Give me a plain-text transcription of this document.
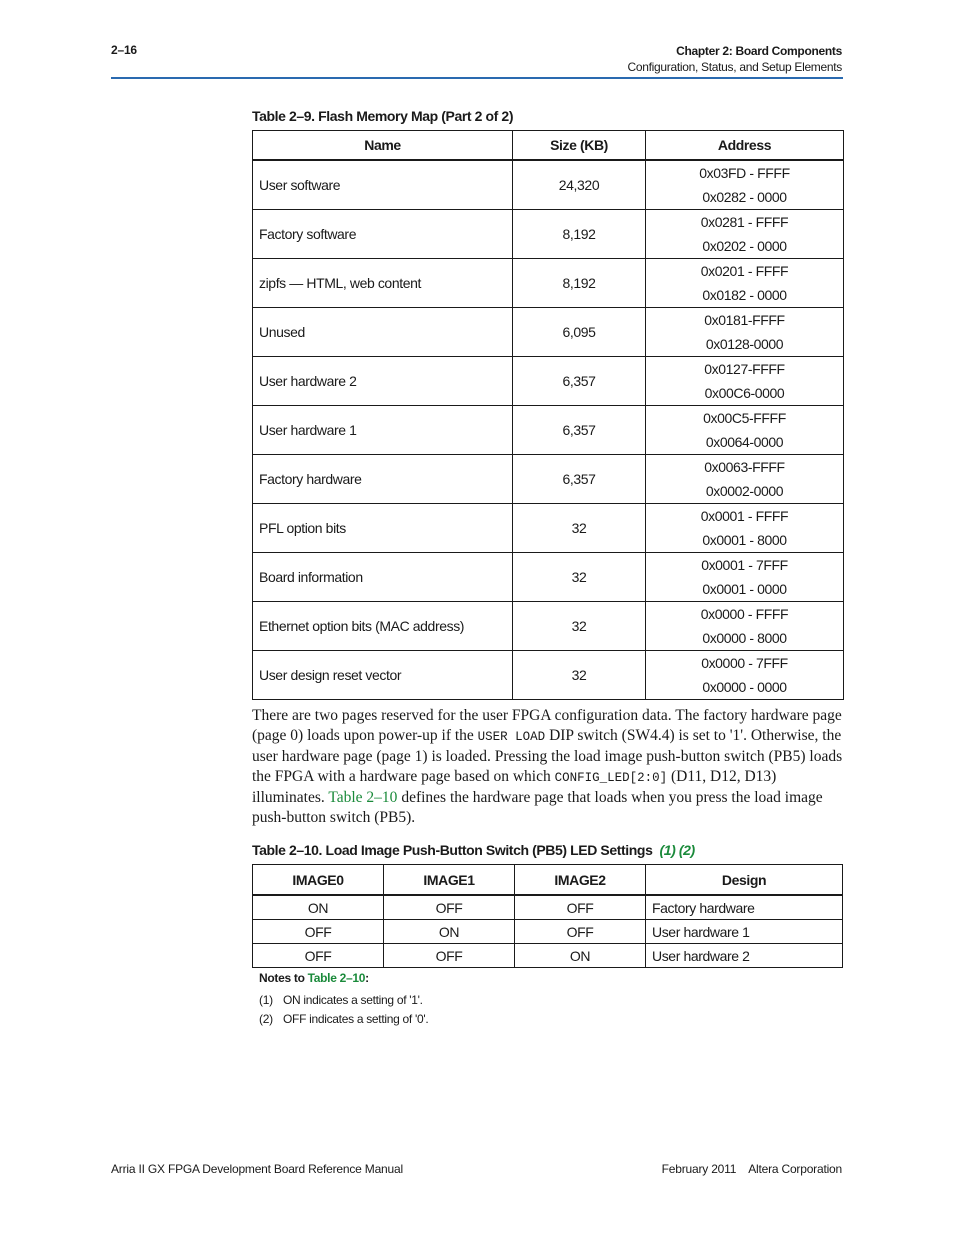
2–16	Chapter 2: Board Components
Configuration, Status, and Setup Elements
Table 2–9. Flash Memory Map (Part 2 of 2)
Name	Size (KB)	Address
User software	24,320	0x03FD - FFFF
0x0282 - 0000

Factory software	8,192	0x0281 - FFFF
0x0202 - 0000

zipfs — HTML, web content	8,192	0x0201 - FFFF
0x0182 - 0000

Unused	6,095	0x0181-FFFF
0x0128-0000

User hardware 2	6,357	0x0127-FFFF
0x00C6-0000

User hardware 1	6,357	0x00C5-FFFF
0x0064-0000

Factory hardware	6,357	0x0063-FFFF
0x0002-0000

PFL option bits	32	0x0001 - FFFF
0x0001 - 8000

Board information	32	0x0001 - 7FFF
0x0001 - 0000

Ethernet option bits (MAC address)	32	0x0000 - FFFF
0x0000 - 8000

User design reset vector	32	0x0000 - 7FFF
0x0000 - 0000
There are two pages reserved for the user FPGA configuration data. The factory hardware page (page 0) loads upon power-up if the USER LOAD DIP switch (SW4.4) is set to '1'. Otherwise, the user hardware page (page 1) is loaded. Pressing the load image push-button switch (PB5) loads the FPGA with a hardware page based on which CONFIG_LED[2:0] (D11, D12, D13) illuminates. Table 2–10 defines the hardware page that loads when you press the load image push-button switch (PB5).
Table 2–10. Load Image Push-Button Switch (PB5) LED Settings (1) (2)
IMAGE0	IMAGE1	IMAGE2	Design
ON	OFF	OFF	Factory hardware
OFF	ON	OFF	User hardware 1
OFF	OFF	ON	User hardware 2
Notes to Table 2–10:
(1) ON indicates a setting of '1'.
(2) OFF indicates a setting of '0'.
Arria II GX FPGA Development Board Reference Manual	February 2011 Altera Corporation
